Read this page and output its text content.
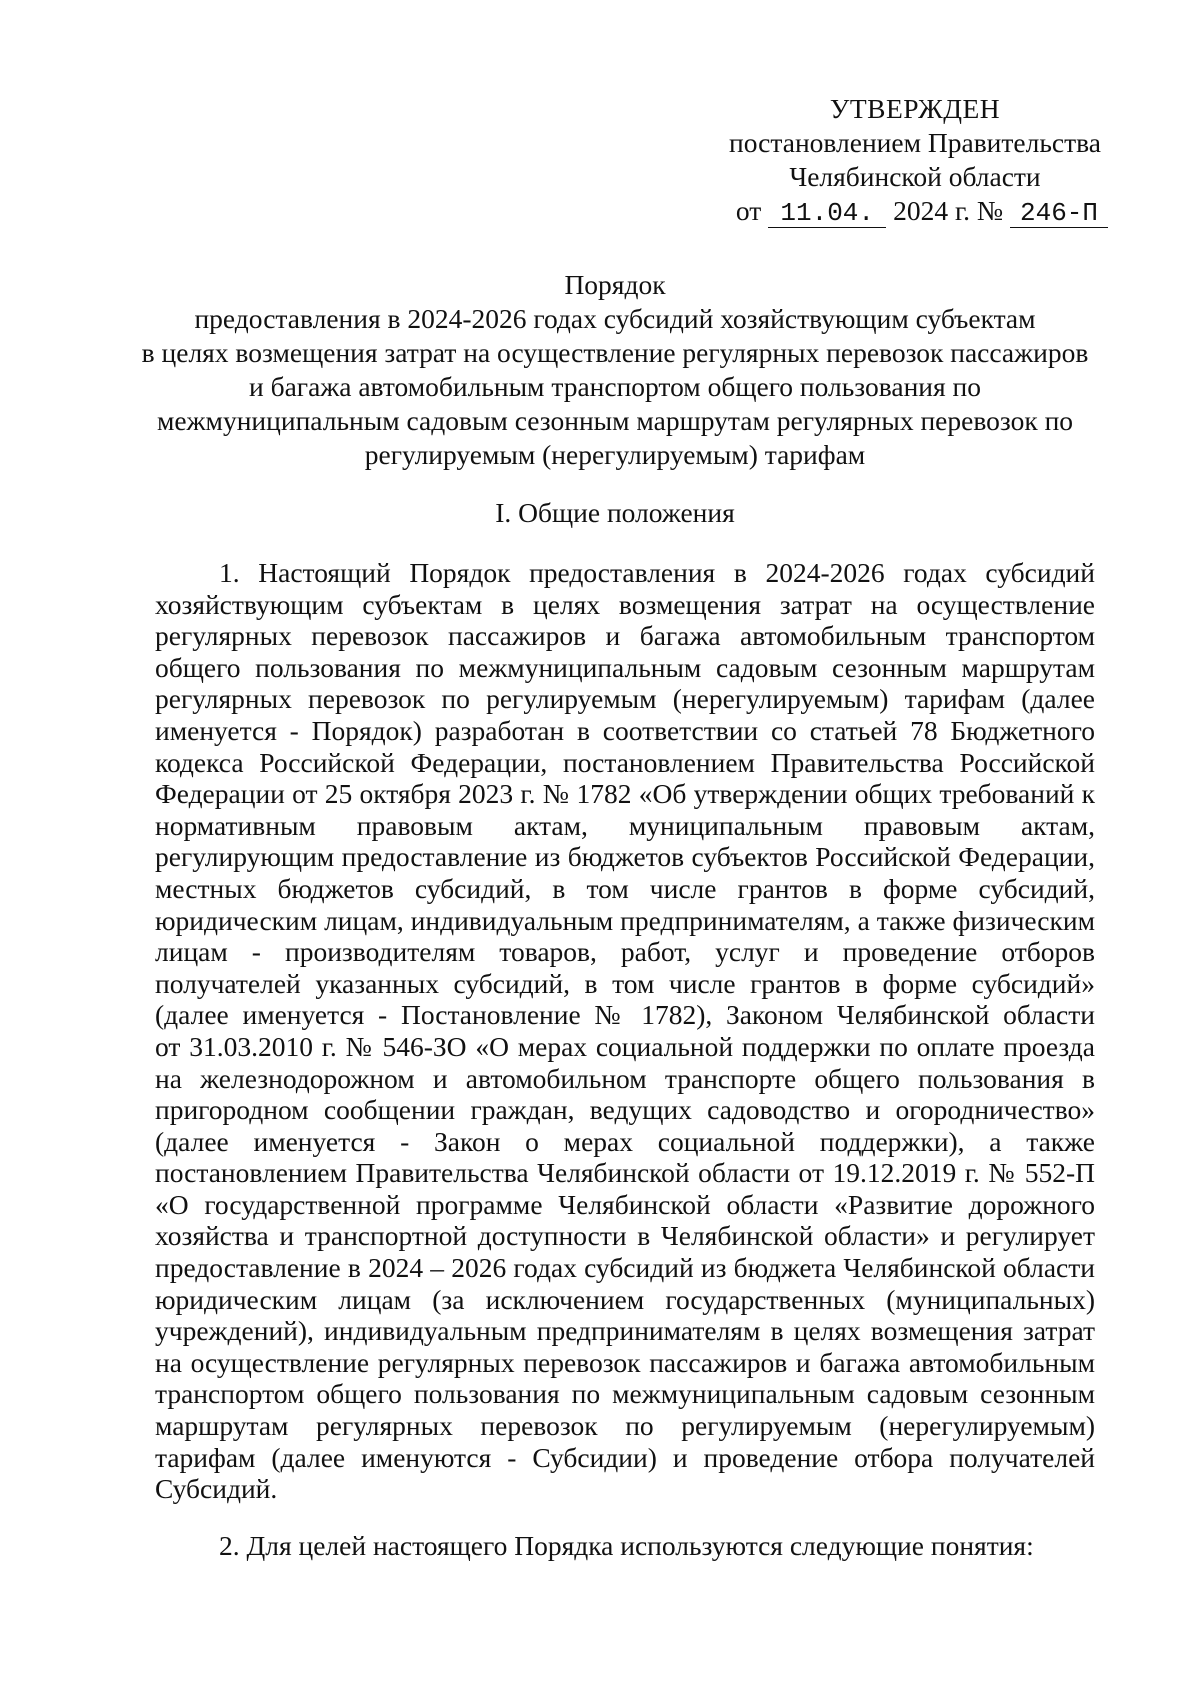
УТВЕРЖДЕН
постановлением Правительства
Челябинской области
от 11.04. 2024 г. № 246-П
Порядок
предоставления в 2024-2026 годах субсидий хозяйствующим субъектам
в целях возмещения затрат на осуществление регулярных перевозок пассажиров
и багажа автомобильным транспортом общего пользования по
межмуниципальным садовым сезонным маршрутам регулярных перевозок по
регулируемым (нерегулируемым) тарифам
I. Общие положения
1. Настоящий Порядок предоставления в 2024-2026 годах субсидий
хозяйствующим субъектам в целях возмещения затрат на осуществление
регулярных перевозок пассажиров и багажа автомобильным транспортом
общего пользования по межмуниципальным садовым сезонным маршрутам
регулярных перевозок по регулируемым (нерегулируемым) тарифам (далее
именуется - Порядок) разработан в соответствии со статьей 78 Бюджетного
кодекса Российской Федерации, постановлением Правительства Российской
Федерации от 25 октября 2023 г. № 1782 «Об утверждении общих требований к
нормативным правовым актам, муниципальным правовым актам,
регулирующим предоставление из бюджетов субъектов Российской Федерации,
местных бюджетов субсидий, в том числе грантов в форме субсидий,
юридическим лицам, индивидуальным предпринимателям, а также физическим
лицам - производителям товаров, работ, услуг и проведение отборов
получателей указанных субсидий, в том числе грантов в форме субсидий»
(далее именуется - Постановление № 1782), Законом Челябинской области
от 31.03.2010 г. № 546-ЗО «О мерах социальной поддержки по оплате проезда
на железнодорожном и автомобильном транспорте общего пользования в
пригородном сообщении граждан, ведущих садоводство и огородничество»
(далее именуется - Закон о мерах социальной поддержки), а также
постановлением Правительства Челябинской области от 19.12.2019 г. № 552-П
«О государственной программе Челябинской области «Развитие дорожного
хозяйства и транспортной доступности в Челябинской области» и регулирует
предоставление в 2024 – 2026 годах субсидий из бюджета Челябинской области
юридическим лицам (за исключением государственных (муниципальных)
учреждений), индивидуальным предпринимателям в целях возмещения затрат
на осуществление регулярных перевозок пассажиров и багажа автомобильным
транспортом общего пользования по межмуниципальным садовым сезонным
маршрутам регулярных перевозок по регулируемым (нерегулируемым)
тарифам (далее именуются - Субсидии) и проведение отбора получателей
Субсидий.
2. Для целей настоящего Порядка используются следующие понятия:
